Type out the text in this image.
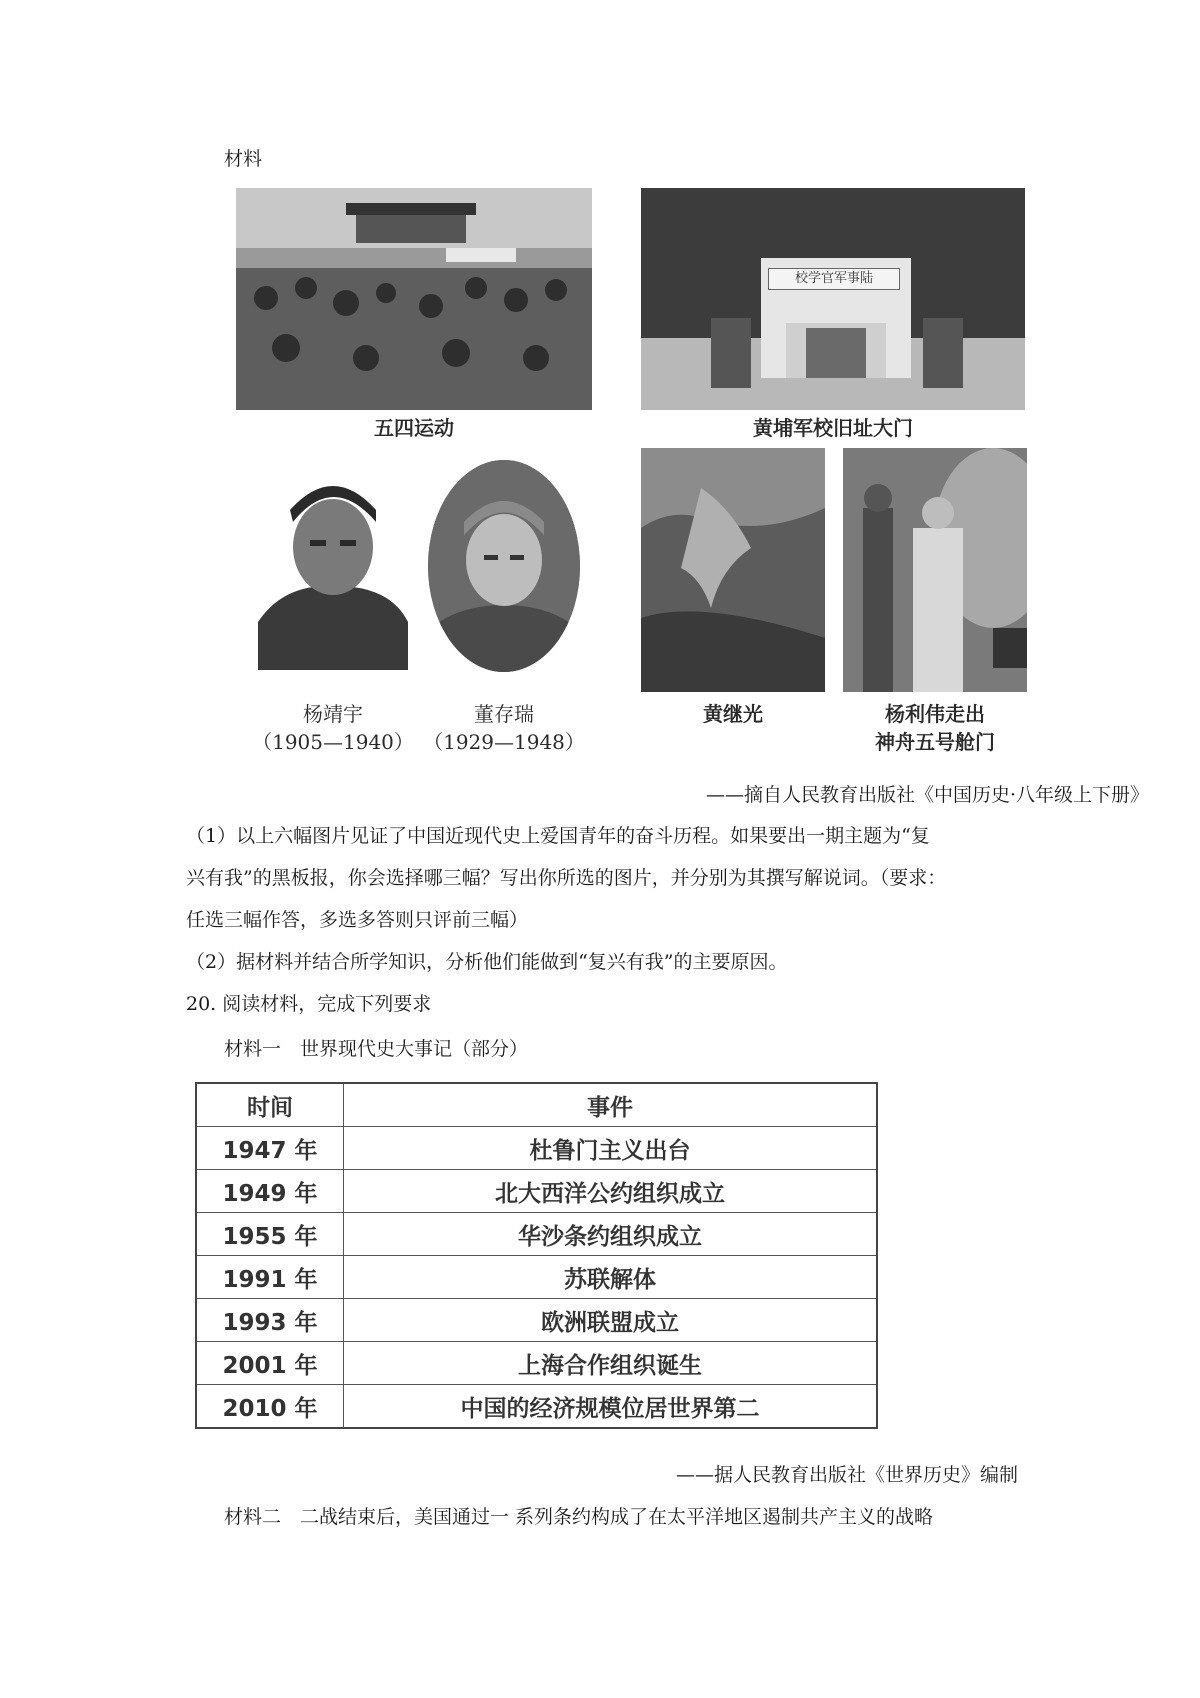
材料
五四运动
校学官军事陆
黄埔军校旧址大门
杨靖宇
（1905—1940）
董存瑞
（1929—1948）
黄继光	杨利伟走出
神舟五号舱门
——摘自人民教育出版社《中国历史·八年级上下册》
（1）以上六幅图片见证了中国近现代史上爱国青年的奋斗历程。如果要出一期主题为“复
兴有我”的黑板报，你会选择哪三幅？写出你所选的图片，并分别为其撰写解说词。（要求：
任选三幅作答，多选多答则只评前三幅）
（2）据材料并结合所学知识，分析他们能做到“复兴有我”的主要原因。
20. 阅读材料，完成下列要求
材料一　世界现代史大事记（部分）
时间	事件
1947 年	杜鲁门主义出台
1949 年	北大西洋公约组织成立
1955 年	华沙条约组织成立
1991 年	苏联解体
1993 年	欧洲联盟成立
2001 年	上海合作组织诞生
2010 年	中国的经济规模位居世界第二
——据人民教育出版社《世界历史》编制
材料二　二战结束后，美国通过一 系列条约构成了在太平洋地区遏制共产主义的战略
